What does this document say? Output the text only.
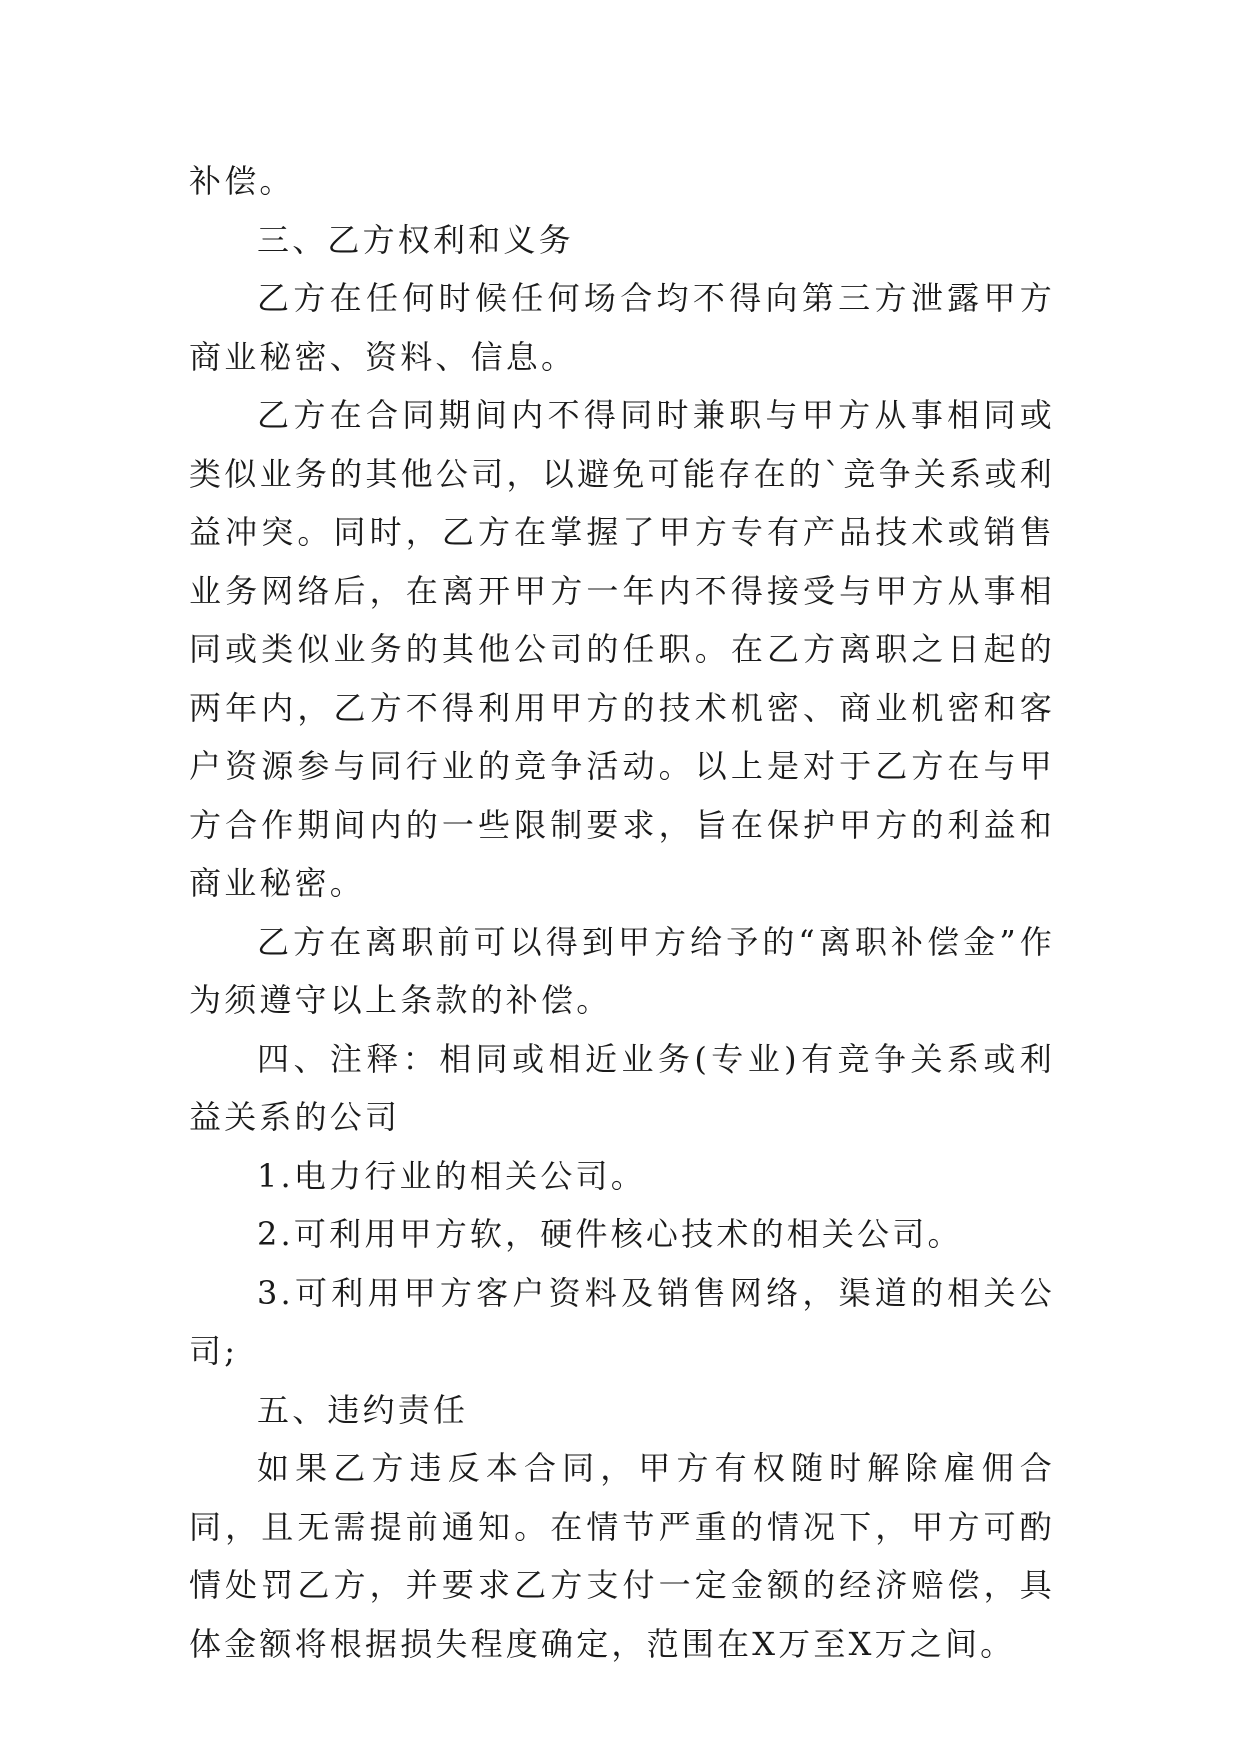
补偿。

三、乙方权利和义务

乙方在任何时候任何场合均不得向第三方泄露甲方商业秘密、资料、信息。

乙方在合同期间内不得同时兼职与甲方从事相同或类似业务的其他公司，以避免可能存在的`竞争关系或利益冲突。同时，乙方在掌握了甲方专有产品技术或销售业务网络后，在离开甲方一年内不得接受与甲方从事相同或类似业务的其他公司的任职。在乙方离职之日起的两年内，乙方不得利用甲方的技术机密、商业机密和客户资源参与同行业的竞争活动。以上是对于乙方在与甲方合作期间内的一些限制要求，旨在保护甲方的利益和商业秘密。

乙方在离职前可以得到甲方给予的“离职补偿金”作为须遵守以上条款的补偿。

四、注释：相同或相近业务(专业)有竞争关系或利益关系的公司

1.电力行业的相关公司。

2.可利用甲方软，硬件核心技术的相关公司。

3.可利用甲方客户资料及销售网络，渠道的相关公司;

五、违约责任

如果乙方违反本合同，甲方有权随时解除雇佣合同，且无需提前通知。在情节严重的情况下，甲方可酌情处罚乙方，并要求乙方支付一定金额的经济赔偿，具体金额将根据损失程度确定，范围在X万至X万之间。
